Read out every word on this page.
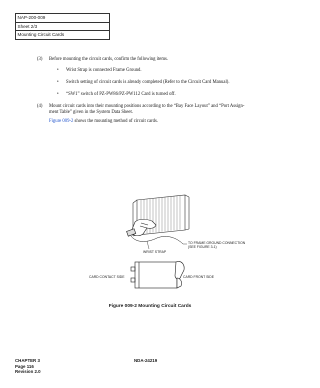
NAP-200-009
Sheet 2/3
Mounting Circuit Cards
(3) Before mounting the circuit cards, confirm the following items.
• Wrist Strap is connected Frame Ground.
• Switch setting of circuit cards is already completed (Refer to the Circuit Card Manual).
• “SW1” switch of PZ-PW86/PZ-PW112 Card is turned off.
(4) Mount circuit cards into their mounting positions according to the “Bay Face Layout” and “Port Assign-
ment Table” given in the System Data Sheet.
Figure 009-2 shows the mounting method of circuit cards.
TO FRAME GROUND CONNECTION
(SEE FIGURE 3-1)
WRIST STRAP
CARD CONTACT SIDE	CARD FRONT SIDE
Figure 009-2 Mounting Circuit Cards
CHAPTER 3
Page 116
Revision 2.0
NDA-24219
